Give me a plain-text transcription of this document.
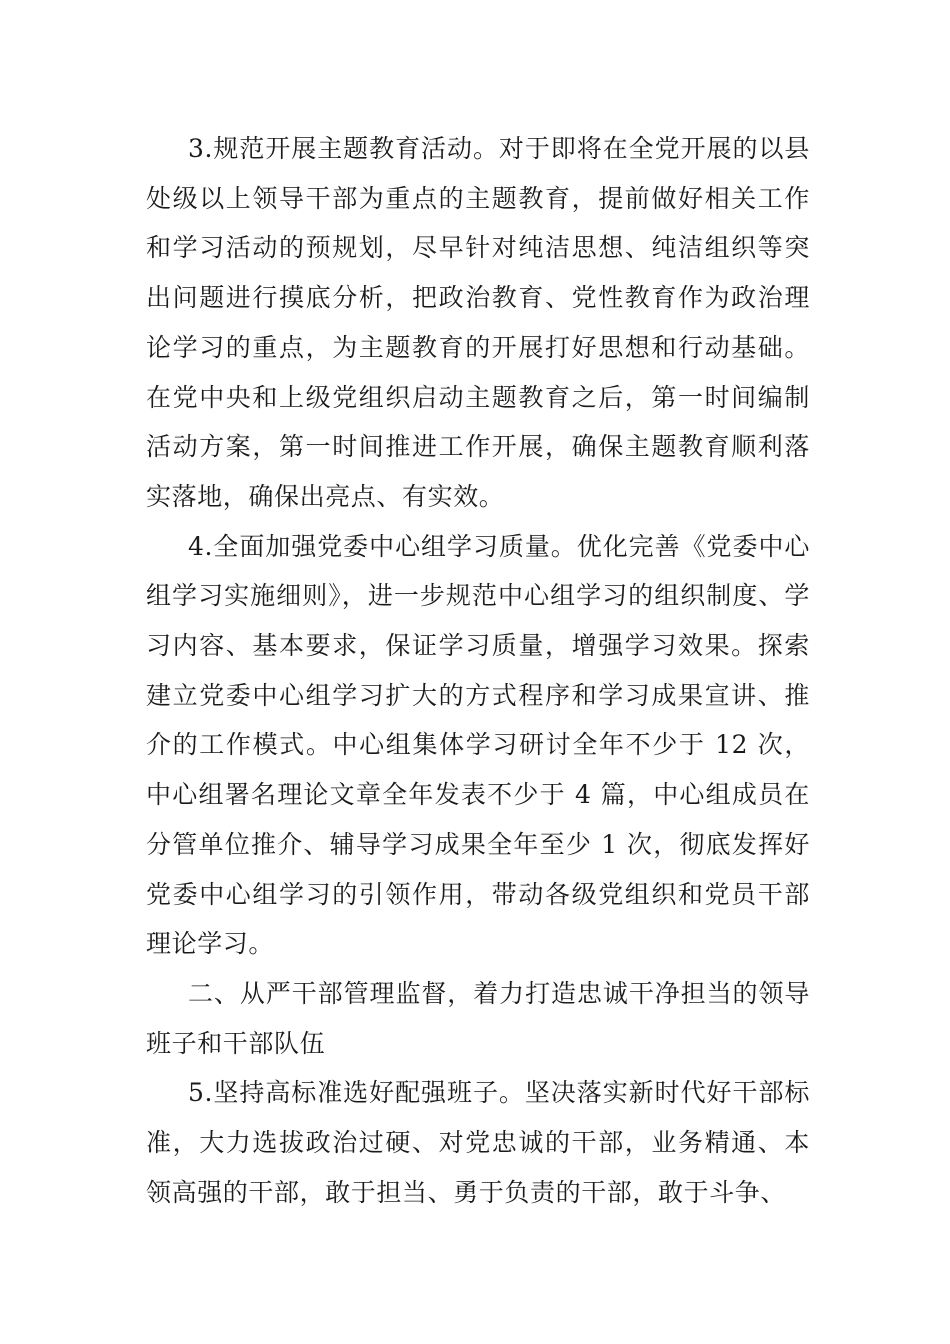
3.规范开展主题教育活动。对于即将在全党开展的以县处级以上领导干部为重点的主题教育，提前做好相关工作和学习活动的预规划，尽早针对纯洁思想、纯洁组织等突出问题进行摸底分析，把政治教育、党性教育作为政治理论学习的重点，为主题教育的开展打好思想和行动基础。在党中央和上级党组织启动主题教育之后，第一时间编制活动方案，第一时间推进工作开展，确保主题教育顺利落实落地，确保出亮点、有实效。

4.全面加强党委中心组学习质量。优化完善《党委中心组学习实施细则》，进一步规范中心组学习的组织制度、学习内容、基本要求，保证学习质量，增强学习效果。探索建立党委中心组学习扩大的方式程序和学习成果宣讲、推介的工作模式。中心组集体学习研讨全年不少于 12 次，中心组署名理论文章全年发表不少于 4 篇，中心组成员在分管单位推介、辅导学习成果全年至少 1 次，彻底发挥好党委中心组学习的引领作用，带动各级党组织和党员干部理论学习。

二、从严干部管理监督，着力打造忠诚干净担当的领导班子和干部队伍

5.坚持高标准选好配强班子。坚决落实新时代好干部标准，大力选拔政治过硬、对党忠诚的干部，业务精通、本领高强的干部，敢于担当、勇于负责的干部，敢于斗争、
